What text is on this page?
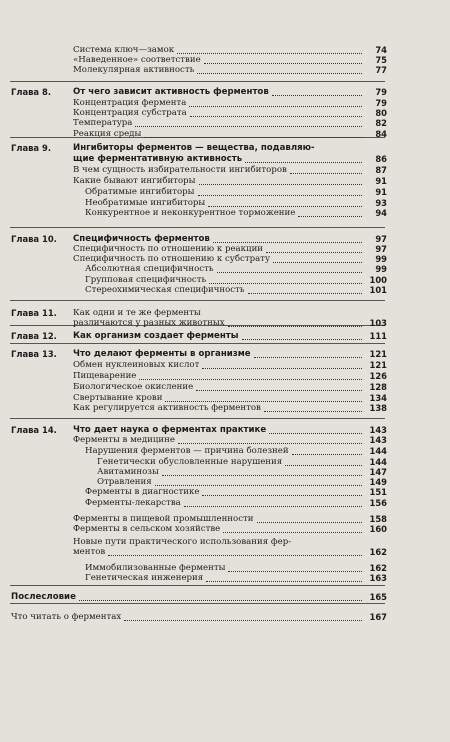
Система ключ—замок	74
«Наведенное» соответствие	75
Молекулярная активность	77
Глава 8.	От чего зависит активность ферментов	79
Концентрация фермента	79
Концентрация субстрата	80
Температура	82
Реакция среды	84
Глава 9.	Ингибиторы ферментов — вещества, подавляю-
щие ферментативную активность	86
В чем сущность избирательности ингибиторов	87
Какие бывают ингибиторы	91
Обратимые ингибиторы	91
Необратимые ингибиторы	93
Конкурентное и неконкурентное торможение	94
Глава 10. Специфичность ферментов	97
Специфичность по отношению к реакции	97
Специфичность по отношению к субстрату	99
Абсолютная специфичность	99
Групповая специфичность	100
Стереохимическая специфичность	101
Глава 11. Как одни и те же ферменты
различаются у разных животных	103
Глава 12. Как организм создает ферменты	111
Глава 13. Что делают ферменты в организме	121
Обмен нуклеиновых кислот	121
Пищеварение	126
Биологическое окисление	128
Свертывание крови	134
Как регулируется активность ферментов	138
Глава 14. Что дает наука о ферментах практике	143
Ферменты в медицине	143
Нарушения ферментов — причина болезней	144
Генетически обусловленные нарушения	144
Авитаминозы	147
Отравления	149
Ферменты в диагностике	151
Ферменты-лекарства	156
Ферменты в пищевой промышленности	158
Ферменты в сельском хозяйстве	160
Новые пути практического использования фер-
ментов	162
Иммобилизованные ферменты	162
Генетическая инженерия	163
Послесловие	165
Что читать о ферментах	167
